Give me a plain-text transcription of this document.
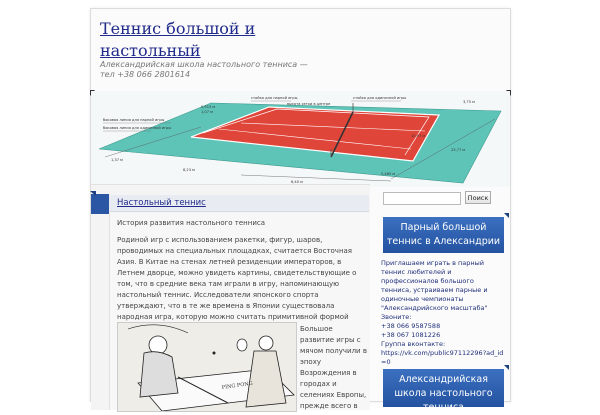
Теннис большой и настольный
Александрийская школа настольного тенниса — тел +38 066 2801614
боковая линия для парной игры
боковая линия для одиночной игры
стойка для парной игры	стойка для одиночной игры
высота сетки в центре
0,915 м
1,07 м
3,75 м
1,37 м
8,23 м
6,40 м
5,485 м
23,77 м
10,97 м
Настольный теннис
История развития настольного тенниса
Родиной игр с использованием ракетки, фигур, шаров, проводимых на специальных площадках, считается Восточная Азия. В Китае на стенах летней резиденции императоров, в Летнем дворце, можно увидеть картины, свидетельствующие о том, что в средние века там играли в игру, напоминающую настольный теннис. Исследователи японского спорта утверждают, что в те же времена в Японии существовала народная игра, которую можно считать примитивной формой
PING PONG
Большое развитие игры с мячом получили в эпоху Возрождения в городах и селениях Европы, прежде всего в
Поиск
Парный большой теннис в Александрии
Приглашаем играть в парный теннис любителей и профессионалов большого тенниса, устраиваем парные и одиночные чемпионаты "Александрийского масштаба" Звоните:
+38 066 9587588
+38 067 1081226
Группа вконтакте:
https://vk.com/public97112296?ad_id=0
Александрийская школа настольного тенниса
